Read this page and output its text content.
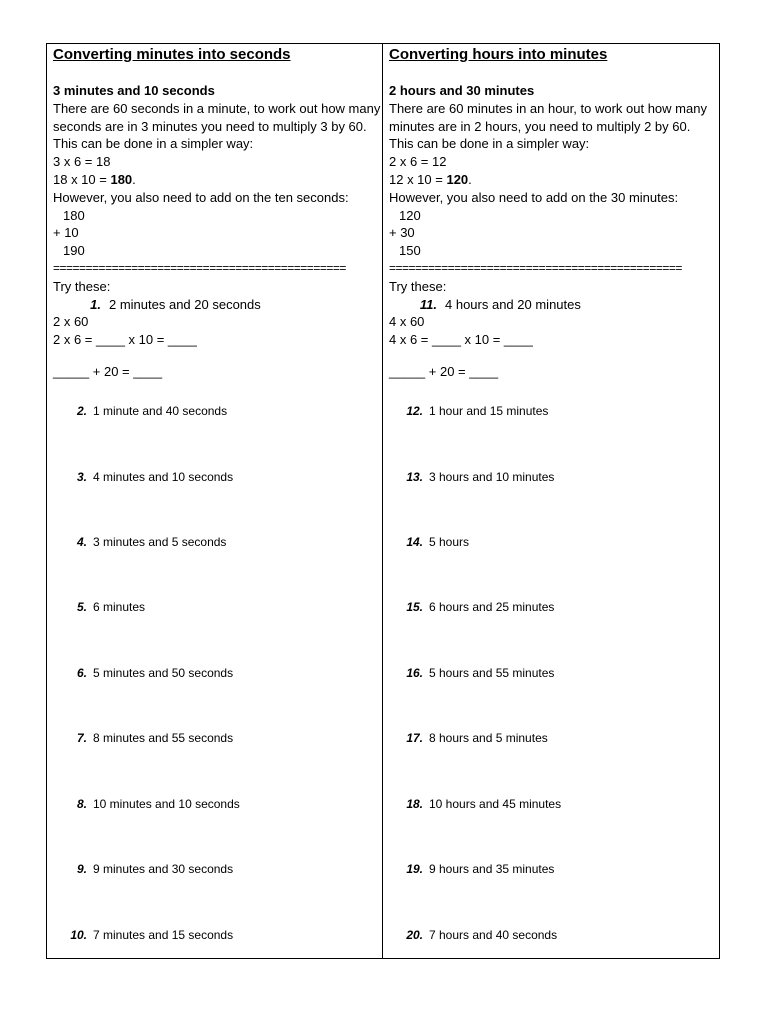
Converting minutes into seconds
3 minutes and 10 seconds
There are 60 seconds in a minute, to work out how many seconds are in 3 minutes you need to multiply 3 by 60.
This can be done in a simpler way:
3 x 6 = 18
18 x 10 = 180.
However, you also need to add on the ten seconds:
180
+ 10
190
=============================================
Try these:
1. 2 minutes and 20 seconds
2 x 60
2 x 6 = ____ x 10 = ____
_____ + 20 = ____
2. 1 minute and 40 seconds
3. 4 minutes and 10 seconds
4. 3 minutes and 5 seconds
5. 6 minutes
6. 5 minutes and 50 seconds
7. 8 minutes and 55 seconds
8. 10 minutes and 10 seconds
9. 9 minutes and 30 seconds
10. 7 minutes and 15 seconds
Converting hours into minutes
2 hours and 30 minutes
There are 60 minutes in an hour, to work out how many minutes are in 2 hours, you need to multiply 2 by 60.
This can be done in a simpler way:
2 x 6 = 12
12 x 10 = 120.
However, you also need to add on the 30 minutes:
120
+ 30
150
=============================================
Try these:
11. 4 hours and 20 minutes
4 x 60
4 x 6 = ____ x 10 = ____
_____ + 20 = ____
12. 1 hour and 15 minutes
13. 3 hours and 10 minutes
14. 5 hours
15. 6 hours and 25 minutes
16. 5 hours and 55 minutes
17. 8 hours and 5 minutes
18. 10 hours and 45 minutes
19. 9 hours and 35 minutes
20. 7 hours and 40 seconds
